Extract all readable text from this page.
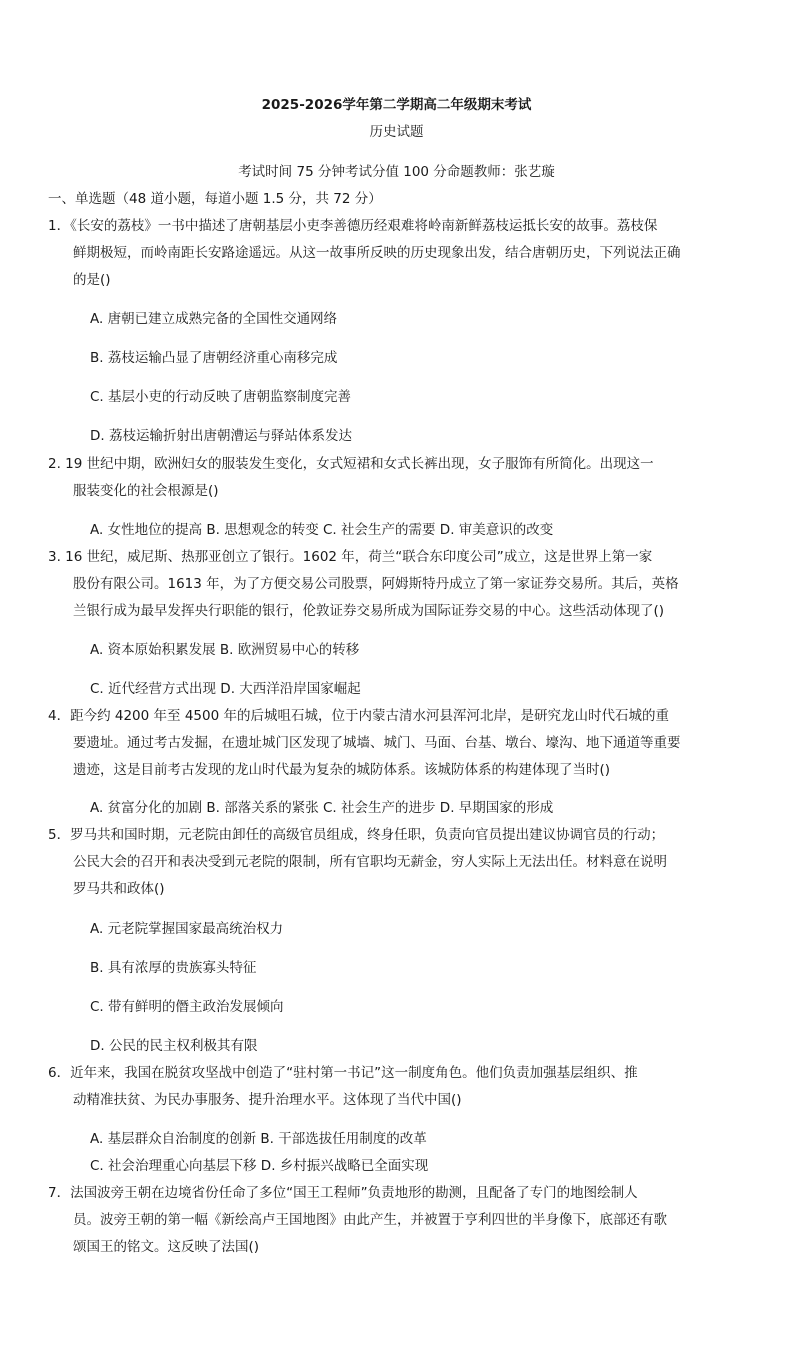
2025-2026学年第二学期高二年级期末考试
历史试题
考试时间 75 分钟考试分值 100 分命题教师：张艺璇
一、单选题（48 道小题，每道小题 1.5 分，共 72 分）
1．《长安的荔枝》一书中描述了唐朝基层小吏李善德历经艰难将岭南新鲜荔枝运抵长安的故事。荔枝保
鲜期极短，而岭南距长安路途遥远。从这一故事所反映的历史现象出发，结合唐朝历史，下列说法正确
的是()
A. 唐朝已建立成熟完备的全国性交通网络
B. 荔枝运输凸显了唐朝经济重心南移完成
C. 基层小吏的行动反映了唐朝监察制度完善
D. 荔枝运输折射出唐朝漕运与驿站体系发达
2. 19 世纪中期，欧洲妇女的服装发生变化，女式短裙和女式长裤出现，女子服饰有所简化。出现这一
服装变化的社会根源是()
A. 女性地位的提高 B. 思想观念的转变 C. 社会生产的需要 D. 审美意识的改变
3. 16 世纪，威尼斯、热那亚创立了银行。1602 年，荷兰“联合东印度公司”成立，这是世界上第一家
股份有限公司。1613 年，为了方便交易公司股票，阿姆斯特丹成立了第一家证券交易所。其后，英格
兰银行成为最早发挥央行职能的银行，伦敦证券交易所成为国际证券交易的中心。这些活动体现了()
A. 资本原始积累发展 B. 欧洲贸易中心的转移
C. 近代经营方式出现 D. 大西洋沿岸国家崛起
4．距今约 4200 年至 4500 年的后城咀石城，位于内蒙古清水河县浑河北岸，是研究龙山时代石城的重
要遗址。通过考古发掘，在遗址城门区发现了城墙、城门、马面、台基、墩台、壕沟、地下通道等重要
遗迹，这是目前考古发现的龙山时代最为复杂的城防体系。该城防体系的构建体现了当时()
A. 贫富分化的加剧 B. 部落关系的紧张 C. 社会生产的进步 D. 早期国家的形成
5．罗马共和国时期，元老院由卸任的高级官员组成，终身任职，负责向官员提出建议协调官员的行动；
公民大会的召开和表决受到元老院的限制，所有官职均无薪金，穷人实际上无法出任。材料意在说明
罗马共和政体()
A. 元老院掌握国家最高统治权力
B. 具有浓厚的贵族寡头特征
C. 带有鲜明的僭主政治发展倾向
D. 公民的民主权利极其有限
6．近年来，我国在脱贫攻坚战中创造了“驻村第一书记”这一制度角色。他们负责加强基层组织、推
动精准扶贫、为民办事服务、提升治理水平。这体现了当代中国()
A. 基层群众自治制度的创新 B. 干部选拔任用制度的改革
C. 社会治理重心向基层下移 D. 乡村振兴战略已全面实现
7．法国波旁王朝在边境省份任命了多位“国王工程师”负责地形的勘测，且配备了专门的地图绘制人
员。波旁王朝的第一幅《新绘高卢王国地图》由此产生，并被置于亨利四世的半身像下，底部还有歌
颂国王的铭文。这反映了法国()
